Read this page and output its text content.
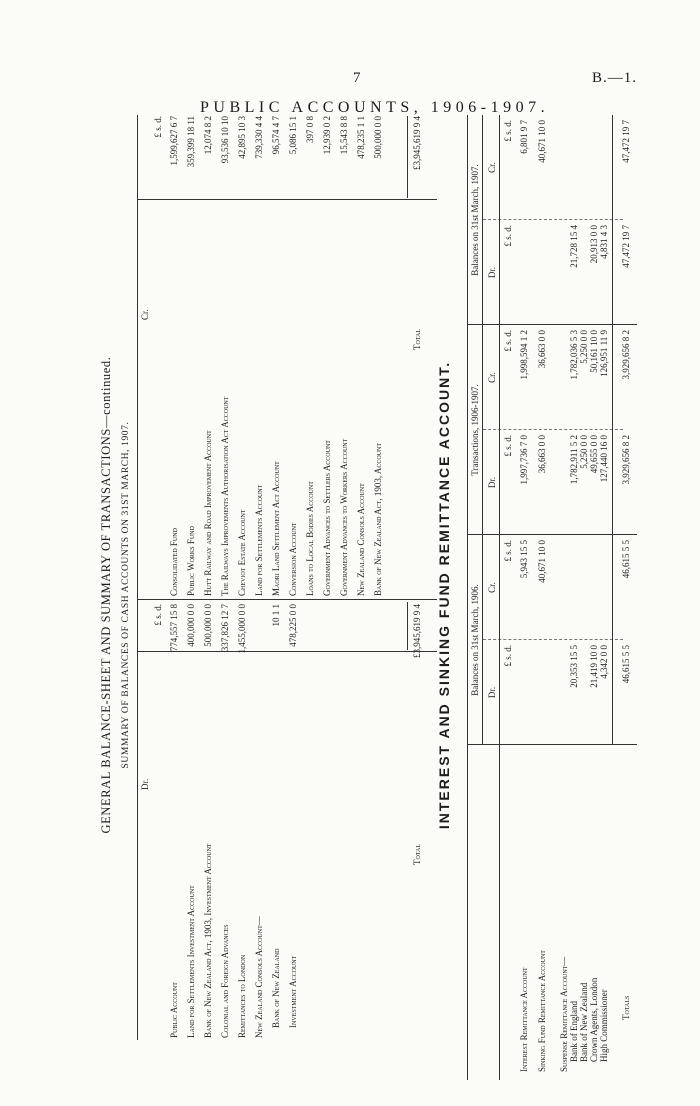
7	B.—1.
PUBLIC ACCOUNTS, 1906-1907.
GENERAL BALANCE-SHEET AND SUMMARY OF TRANSACTIONS—continued. SUMMARY OF BALANCES OF CASH ACCOUNTS ON 31ST MARCH, 1907.
Dr.
Cr.
£ s. d.
£ s. d.
Public Account
774,557 15 8
Land for Settlements Investment Account
400,000 0 0
Bank of New Zealand Act, 1903, Investment Account
500,000 0 0
Colonial and Foreign Advances
337,826 12 7
Remittances to London
1,455,000 0 0
New Zealand Consols Account— Bank of New Zealand
10 1 1
Investment Account
478,225 0 0
Total
£3,945,619 9 4
Consolidated Fund
1,599,627 6 7
Public Works Fund
359,399 18 11
Hutt Railway and Road Improvement Account
12,074 8 2
The Railways Improvements Authorisation Act Account
93,536 10 10
Cheviot Estate Account
42,895 10 3
Land for Settlements Account
739,330 4 4
Maori Land Settlement Act Account
96,574 4 7
Conversion Account
5,086 15 1
Loans to Local Bodies Account
397 0 8
Government Advances to Settlers Account
12,939 0 2
Government Advances to Workers Account
15,543 8 8
New Zealand Consols Account
478,235 1 1
Bank of New Zealand Act, 1903, Account
500,000 0 0
Total
£3,945,619 9 4
INTEREST AND SINKING FUND REMITTANCE ACCOUNT. Balances on 31st March, 1906.
Transactions, 1906-1907.
Balances on 31st March, 1907.
Dr.
Cr.
Dr.
Cr.
Dr.
Cr.
£ s. d.
£ s. d.
£ s. d.
£ s. d.
£ s. d.
£ s. d.
Interest Remittance Account
5,943 15 5
1,997,736 7 0
1,998,594 1 2
6,801 9 7
Sinking Fund Remittance Account
40,671 10 0
36,663 0 0
36,663 0 0
40,671 10 0
Suspense Remittance Account— Bank of England
20,353 15 5
1,782,911 5 2
1,782,036 5 3
21,728 15 4
Bank of New Zealand
5,250 0 0
5,250 0 0
Crown Agents, London
21,419 10 0
49,655 0 0
50,161 10 0
20,913 0 0
High Commissioner
4,342 0 0
127,440 16 0
126,951 11 9
4,831 4 3
Totals
46,615 5 5
46,615 5 5
3,929,656 8 2
3,929,656 8 2
47,472 19 7
47,472 19 7
